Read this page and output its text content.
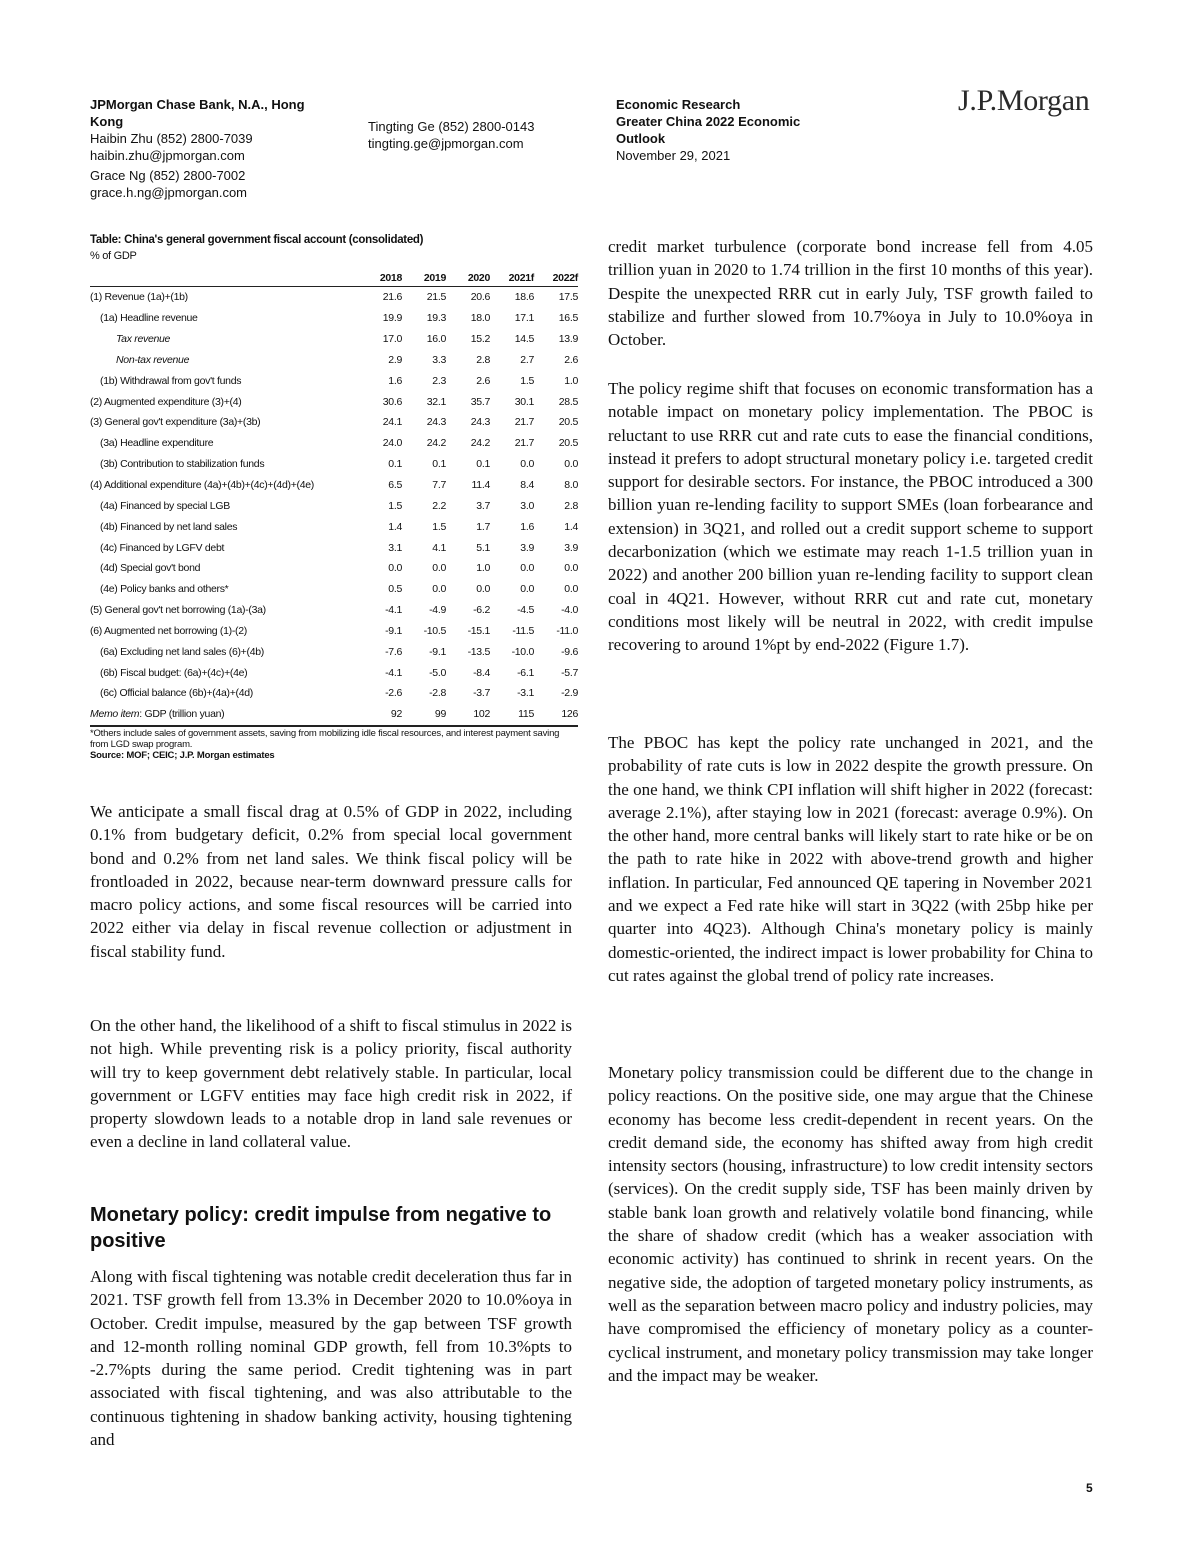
JPMorgan Chase Bank, N.A., Hong
Kong
Haibin Zhu (852) 2800-7039
haibin.zhu@jpmorgan.com
Grace Ng (852) 2800-7002
grace.h.ng@jpmorgan.com
Tingting Ge (852) 2800-0143
tingting.ge@jpmorgan.com
Economic Research
Greater China 2022 Economic
Outlook
November 29, 2021
J.P.Morgan
Table: China's general government fiscal account (consolidated)
% of GDP
	2018	2019	2020	2021f	2022f
(1) Revenue (1a)+(1b)	21.6	21.5	20.6	18.6	17.5
(1a) Headline revenue	19.9	19.3	18.0	17.1	16.5
Tax revenue	17.0	16.0	15.2	14.5	13.9
Non-tax revenue	2.9	3.3	2.8	2.7	2.6
(1b) Withdrawal from gov't funds	1.6	2.3	2.6	1.5	1.0
(2) Augmented expenditure (3)+(4)	30.6	32.1	35.7	30.1	28.5
(3) General gov't expenditure (3a)+(3b)	24.1	24.3	24.3	21.7	20.5
(3a) Headline expenditure	24.0	24.2	24.2	21.7	20.5
(3b) Contribution to stabilization funds	0.1	0.1	0.1	0.0	0.0
(4) Additional expenditure (4a)+(4b)+(4c)+(4d)+(4e)	6.5	7.7	11.4	8.4	8.0
(4a) Financed by special LGB	1.5	2.2	3.7	3.0	2.8
(4b) Financed by net land sales	1.4	1.5	1.7	1.6	1.4
(4c) Financed by LGFV debt	3.1	4.1	5.1	3.9	3.9
(4d) Special gov't bond	0.0	0.0	1.0	0.0	0.0
(4e) Policy banks and others*	0.5	0.0	0.0	0.0	0.0
(5) General gov't net borrowing (1a)-(3a)	-4.1	-4.9	-6.2	-4.5	-4.0
(6) Augmented net borrowing (1)-(2)	-9.1	-10.5	-15.1	-11.5	-11.0
(6a) Excluding net land sales (6)+(4b)	-7.6	-9.1	-13.5	-10.0	-9.6
(6b) Fiscal budget: (6a)+(4c)+(4e)	-4.1	-5.0	-8.4	-6.1	-5.7
(6c) Official balance (6b)+(4a)+(4d)	-2.6	-2.8	-3.7	-3.1	-2.9
Memo item: GDP (trillion yuan)	92	99	102	115	126
*Others include sales of government assets, saving from mobilizing idle fiscal resources, and interest payment saving from LGD swap program.
Source: MOF; CEIC; J.P. Morgan estimates
We anticipate a small fiscal drag at 0.5% of GDP in 2022, including 0.1% from budgetary deficit, 0.2% from special local government bond and 0.2% from net land sales. We think fiscal policy will be frontloaded in 2022, because near-term downward pressure calls for macro policy actions, and some fiscal resources will be carried into 2022 either via delay in fiscal revenue collection or adjustment in fiscal stability fund.
On the other hand, the likelihood of a shift to fiscal stimulus in 2022 is not high. While preventing risk is a policy priority, fiscal authority will try to keep government debt relatively stable. In particular, local government or LGFV entities may face high credit risk in 2022, if property slowdown leads to a notable drop in land sale revenues or even a decline in land collateral value.
Monetary policy: credit impulse from negative to positive
Along with fiscal tightening was notable credit deceleration thus far in 2021. TSF growth fell from 13.3% in December 2020 to 10.0%oya in October. Credit impulse, measured by the gap between TSF growth and 12-month rolling nominal GDP growth, fell from 10.3%pts to -2.7%pts during the same period. Credit tightening was in part associated with fiscal tightening, and was also attributable to the continuous tightening in shadow banking activity, housing tightening and
credit market turbulence (corporate bond increase fell from 4.05 trillion yuan in 2020 to 1.74 trillion in the first 10 months of this year). Despite the unexpected RRR cut in early July, TSF growth failed to stabilize and further slowed from 10.7%oya in July to 10.0%oya in October.
The policy regime shift that focuses on economic transformation has a notable impact on monetary policy implementation. The PBOC is reluctant to use RRR cut and rate cuts to ease the financial conditions, instead it prefers to adopt structural monetary policy i.e. targeted credit support for desirable sectors. For instance, the PBOC introduced a 300 billion yuan re-lending facility to support SMEs (loan forbearance and extension) in 3Q21, and rolled out a credit support scheme to support decarbonization (which we estimate may reach 1-1.5 trillion yuan in 2022) and another 200 billion yuan re-lending facility to support clean coal in 4Q21. However, without RRR cut and rate cut, monetary conditions most likely will be neutral in 2022, with credit impulse recovering to around 1%pt by end-2022 (Figure 1.7).
The PBOC has kept the policy rate unchanged in 2021, and the probability of rate cuts is low in 2022 despite the growth pressure. On the one hand, we think CPI inflation will shift higher in 2022 (forecast: average 2.1%), after staying low in 2021 (forecast: average 0.9%). On the other hand, more central banks will likely start to rate hike or be on the path to rate hike in 2022 with above-trend growth and higher inflation. In particular, Fed announced QE tapering in November 2021 and we expect a Fed rate hike will start in 3Q22 (with 25bp hike per quarter into 4Q23). Although China's monetary policy is mainly domestic-oriented, the indirect impact is lower probability for China to cut rates against the global trend of policy rate increases.
Monetary policy transmission could be different due to the change in policy reactions. On the positive side, one may argue that the Chinese economy has become less credit-dependent in recent years. On the credit demand side, the economy has shifted away from high credit intensity sectors (housing, infrastructure) to low credit intensity sectors (services). On the credit supply side, TSF has been mainly driven by stable bank loan growth and relatively volatile bond financing, while the share of shadow credit (which has a weaker association with economic activity) has continued to shrink in recent years. On the negative side, the adoption of targeted monetary policy instruments, as well as the separation between macro policy and industry policies, may have compromised the efficiency of monetary policy as a counter-cyclical instrument, and monetary policy transmission may take longer and the impact may be weaker.
5
